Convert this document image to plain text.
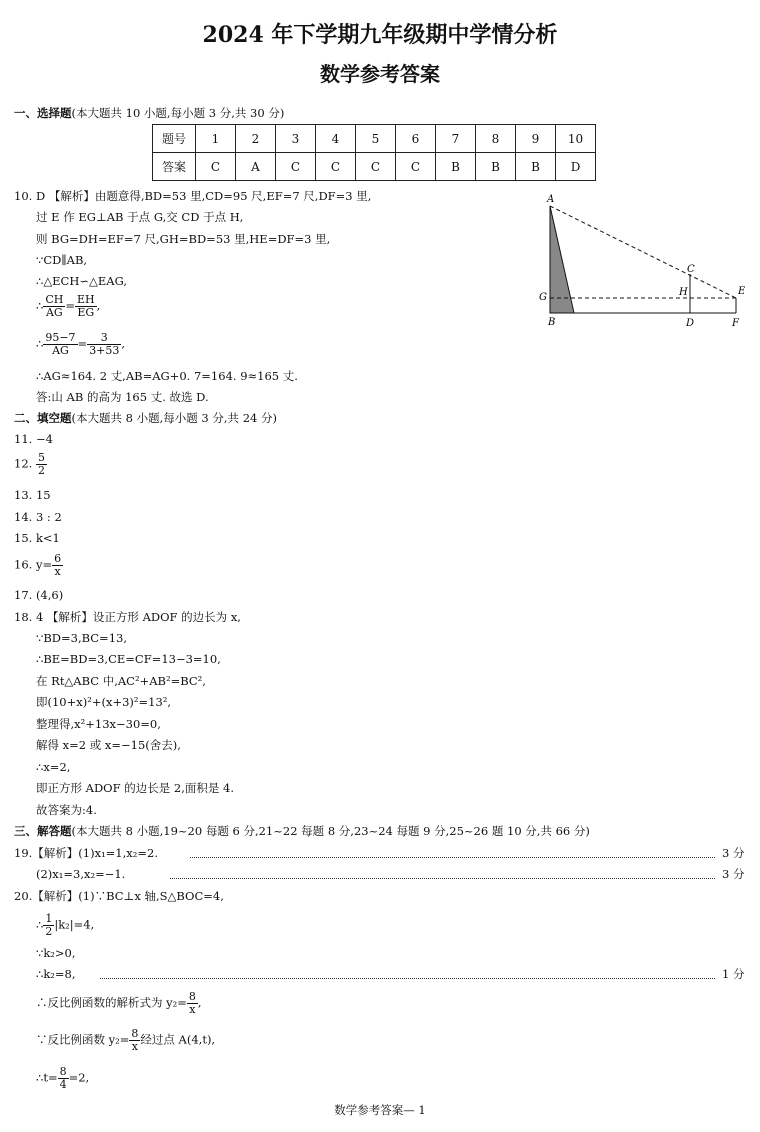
2024 年下学期九年级期中学情分析
数学参考答案
一、选择题(本大题共 10 小题,每小题 3 分,共 30 分)
题号	1	2	3	4	5	6	7	8	9	10
答案	C	A	C	C	C	C	B	B	B	D
10. D 【解析】由题意得,BD=53 里,CD=95 尺,EF=7 尺,DF=3 里,
过 E 作 EG⊥AB 于点 G,交 CD 于点 H,
则 BG=DH=EF=7 尺,GH=BD=53 里,HE=DF=3 里,
∵CD∥AB,
∴△ECH∽△EAG,
∴ $\frac{CH}{AG} = \frac{EH}{EG}$ ,
∴ $\frac{95-7}{AG} = \frac{3}{3+53}$ ,
∴AG≈164. 2 丈,AB=AG+0. 7=164. 9≈165 丈.
答:山 AB 的高为 165 丈. 故选 D.
A
B
C
D
E
F
G	H
二、填空题(本大题共 8 小题,每小题 3 分,共 24 分)
11. −4
12. $\frac{5}{2}$
13. 15
14. 3 : 2
15. k<1
16. $y= \frac{6}{x}$
17. (4,6)
18. 4 【解析】设正方形 ADOF 的边长为 x,
∵BD=3,BC=13,
∴BE=BD=3,CE=CF=13−3=10,
在 Rt△ABC 中,AC²+AB²=BC²,
即(10+x)²+(x+3)²=13²,
整理得,x²+13x−30=0,
解得 x=2 或 x=−15(舍去),
∴x=2,
即正方形 ADOF 的边长是 2,面积是 4.
故答案为:4.
三、解答题(本大题共 8 小题,19~20 每题 6 分,21~22 每题 8 分,23~24 每题 9 分,25~26 题 10 分,共 66 分)
19.【解析】(1)x₁=1,x₂=2.	3 分
(2)x₁=3,x₂=−1.	3 分
20.【解析】(1)∵BC⊥x 轴,S△BOC=4,
∴ $\frac{1}{2} |k_2|=4$,
∵k₂>0,
∴k₂=8,	1 分
∴反比例函数的解析式为 $y_2= \frac{8}{x}$ ,
∵反比例函数 $y_2= \frac{8}{x}$ 经过点 A(4,t),
∴t= $\frac{8}{4} =2$,
数学参考答案— 1
